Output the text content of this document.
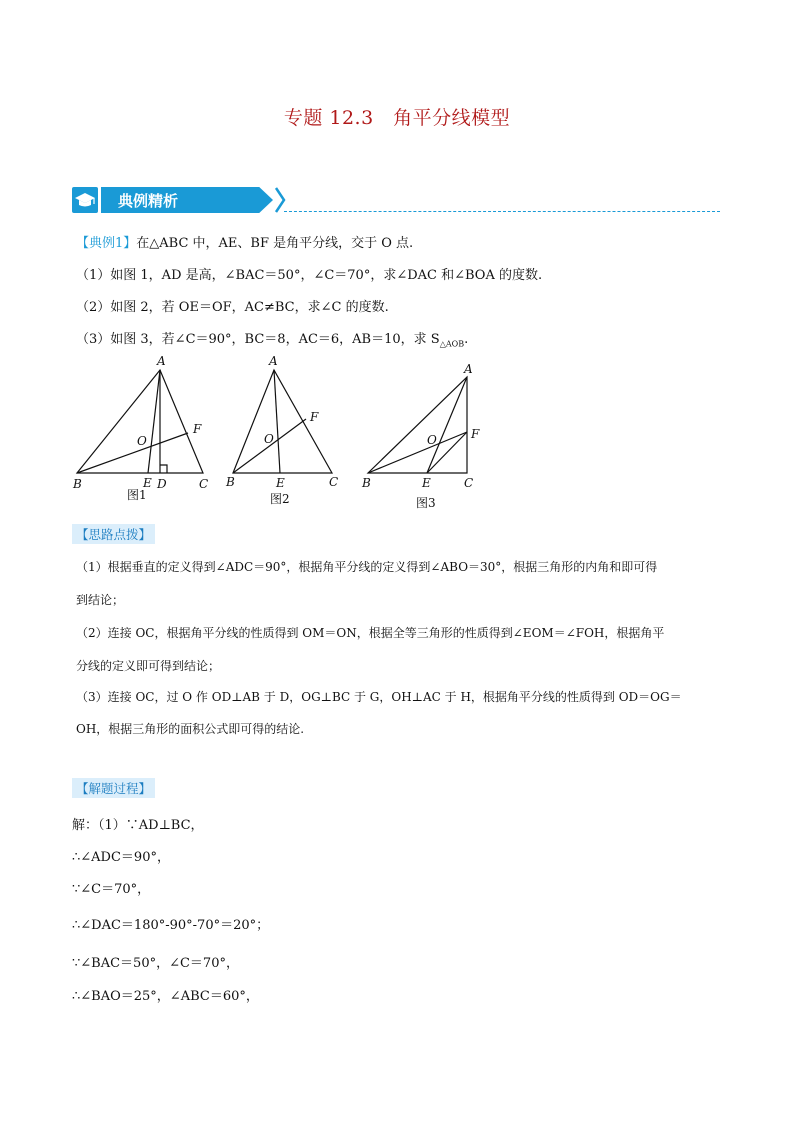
专题 12.3　角平分线模型
典例精析
【典例1】在△ABC 中，AE、BF 是角平分线，交于 O 点.
（1）如图 1，AD 是高，∠BAC＝50°，∠C＝70°，求∠DAC 和∠BOA 的度数.
（2）如图 2，若 OE＝OF，AC≠BC，求∠C 的度数.
（3）如图 3，若∠C＝90°，BC＝8，AC＝6，AB＝10，求 $S_{\triangle AOB}$.
A
B	C
D
E
F
O
图1
A
B	C
E
F
O
图2
A
B	C
E
F
O
图3
【思路点拨】
（1）根据垂直的定义得到∠ADC＝90°，根据角平分线的定义得到∠ABO＝30°，根据三角形的内角和即可得
到结论；
（2）连接 OC，根据角平分线的性质得到 OM＝ON，根据全等三角形的性质得到∠EOM＝∠FOH，根据角平
分线的定义即可得到结论；
（3）连接 OC，过 O 作 OD⊥AB 于 D，OG⊥BC 于 G，OH⊥AC 于 H，根据角平分线的性质得到 OD＝OG＝
OH，根据三角形的面积公式即可得的结论.
【解题过程】
解：（1）∵AD⊥BC，
∴∠ADC＝90°，
∵∠C＝70°，
∴∠DAC＝180°-90°-70°＝20°；
∵∠BAC＝50°，∠C＝70°，
∴∠BAO＝25°，∠ABC＝60°，
